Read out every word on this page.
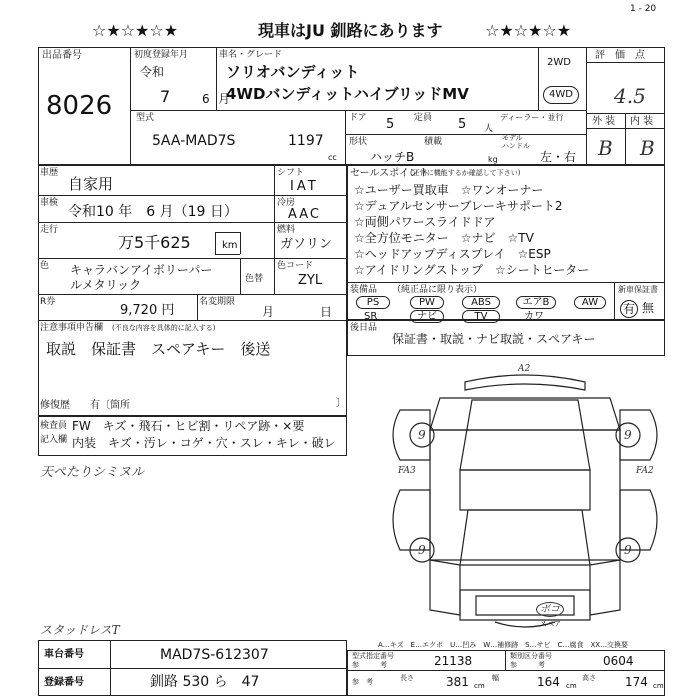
☆★☆★☆★	現車はJU 釧路にあります	☆★☆★☆★
1 - 20
出品番号
8026
初度登録年月
令和
7	6 月
車名・グレード
ソリオバンディット
4WDバンディットハイブリッドMV
2WD
4WD
評　価　点
4.5
外 装 内 装
B B
型式
5AA-MAD7S	1197
cc
ドア 5 定員 5 人
ディーラー・並行
形状	積載	モデル
ハンドル
ハッチB	kg	左・右
車歴
自家用
車検
令和10 年　6 月（19 日）
走行
万5千625	km
シフト
IAT
冷房
AAC
燃料
ガソリン
色 キャラバンアイボリーパー
ルメタリック	色替
色コード
ZYL
R券
9,720 円
名変期限
月	日
注意事項申告欄 (不良な内容を具体的に記入する)
取説　保証書　スペアキー　後送
修復歴 有〔箇所	〕
セールスポイント
(正常に機能するか確認して下さい)
☆ユーザー買取車　☆ワンオーナー
☆デュアルセンサーブレーキサポート2
☆両側パワースライドドア
☆全方位モニター　☆ナビ　☆TV
☆ヘッドアップディスプレイ　☆ESP
☆アイドリングストップ　☆シートヒーター
装備品 （純正品に限り表示）
PS	PW	ABS	エアB	AW
SR	ナビ	TV	カワ
新車保証書
有 無
後日品
保証書・取説・ナビ取説・スペアキー
検査員
記入欄
FW　キズ・飛石・ヒビ割・リペア跡・×要
内装　キズ・汚レ・コゲ・穴・スレ・キレ・破レ
天ぺたりシミヌル
A2
FA3	FA2
9	9
9	9
ボコ
スペア
スタッドレスT
A…キズ　E…エクボ　U…凹み　W…補修跡　S…サビ　C…腐食　XX…交換要
車台番号	MAD7S-612307
登録番号	釧路 530 ら　47
型式指定番号
参　　　考	21138	類別区分番号
参　　　考	0604
参　考	長さ	381 cm
幅	164 cm
高さ 174 cm
